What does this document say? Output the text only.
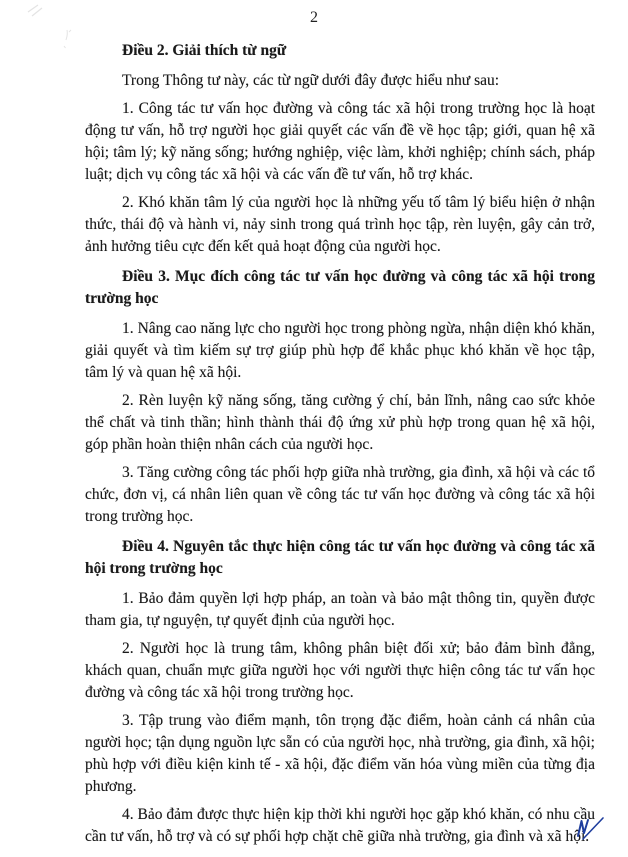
2

Điều 2. Giải thích từ ngữ

Trong Thông tư này, các từ ngữ dưới đây được hiểu như sau:

1. Công tác tư vấn học đường và công tác xã hội trong trường học là hoạt động tư vấn, hỗ trợ người học giải quyết các vấn đề về học tập; giới, quan hệ xã hội; tâm lý; kỹ năng sống; hướng nghiệp, việc làm, khởi nghiệp; chính sách, pháp luật; dịch vụ công tác xã hội và các vấn đề tư vấn, hỗ trợ khác.

2. Khó khăn tâm lý của người học là những yếu tố tâm lý biểu hiện ở nhận thức, thái độ và hành vi, nảy sinh trong quá trình học tập, rèn luyện, gây cản trở, ảnh hưởng tiêu cực đến kết quả hoạt động của người học.

Điều 3. Mục đích công tác tư vấn học đường và công tác xã hội trong trường học

1. Nâng cao năng lực cho người học trong phòng ngừa, nhận diện khó khăn, giải quyết và tìm kiếm sự trợ giúp phù hợp để khắc phục khó khăn về học tập, tâm lý và quan hệ xã hội.

2. Rèn luyện kỹ năng sống, tăng cường ý chí, bản lĩnh, nâng cao sức khỏe thể chất và tinh thần; hình thành thái độ ứng xử phù hợp trong quan hệ xã hội, góp phần hoàn thiện nhân cách của người học.

3. Tăng cường công tác phối hợp giữa nhà trường, gia đình, xã hội và các tổ chức, đơn vị, cá nhân liên quan về công tác tư vấn học đường và công tác xã hội trong trường học.

Điều 4. Nguyên tắc thực hiện công tác tư vấn học đường và công tác xã hội trong trường học

1. Bảo đảm quyền lợi hợp pháp, an toàn và bảo mật thông tin, quyền được tham gia, tự nguyện, tự quyết định của người học.

2. Người học là trung tâm, không phân biệt đối xử; bảo đảm bình đẳng, khách quan, chuẩn mực giữa người học với người thực hiện công tác tư vấn học đường và công tác xã hội trong trường học.

3. Tập trung vào điểm mạnh, tôn trọng đặc điểm, hoàn cảnh cá nhân của người học; tận dụng nguồn lực sẵn có của người học, nhà trường, gia đình, xã hội; phù hợp với điều kiện kinh tế - xã hội, đặc điểm văn hóa vùng miền của từng địa phương.

4. Bảo đảm được thực hiện kịp thời khi người học gặp khó khăn, có nhu cầu cần tư vấn, hỗ trợ và có sự phối hợp chặt chẽ giữa nhà trường, gia đình và xã hội.
